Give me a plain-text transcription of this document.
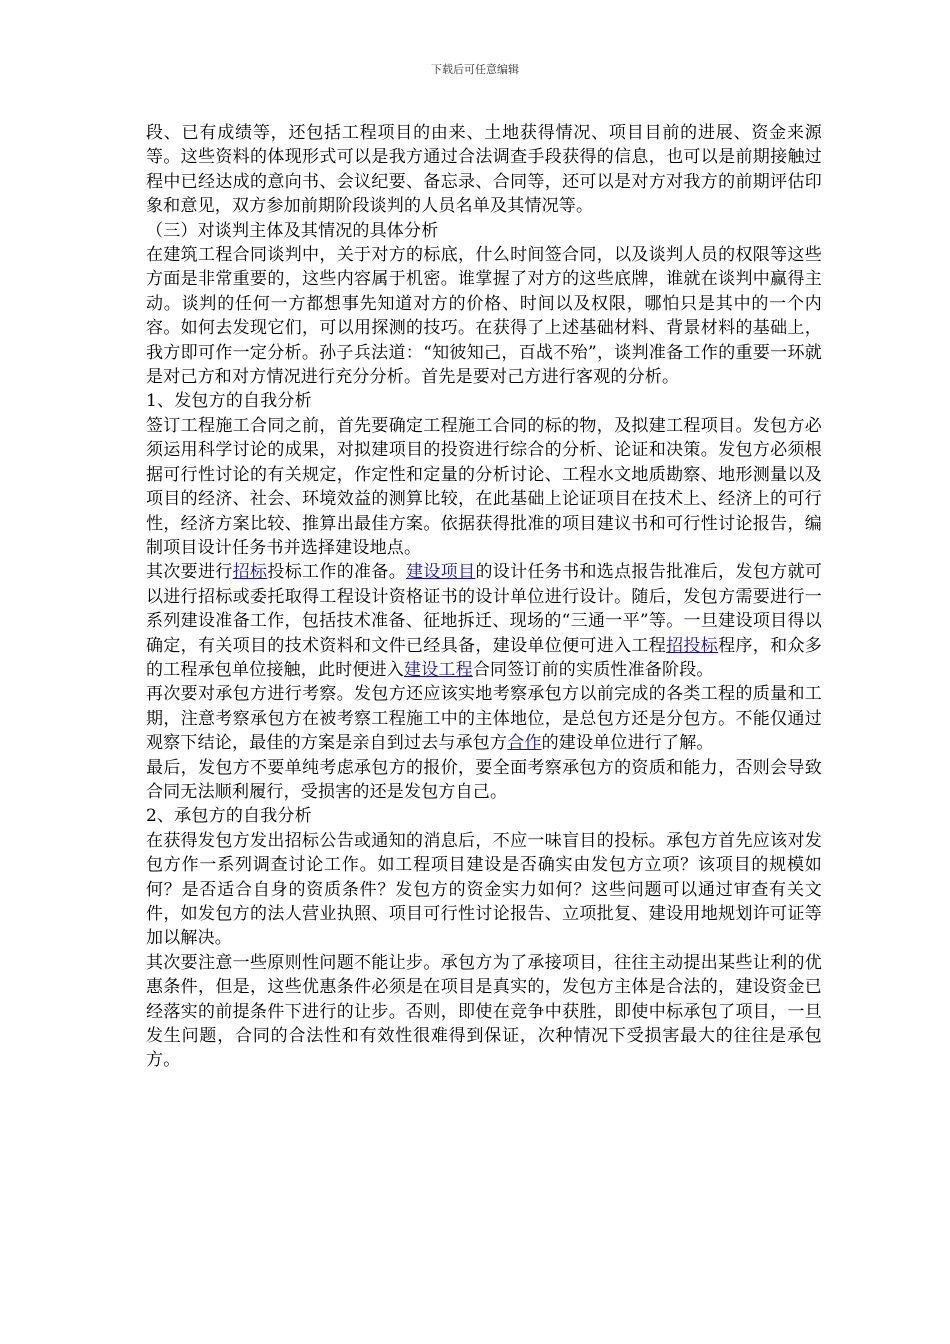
下载后可任意编辑

段、已有成绩等，还包括工程项目的由来、土地获得情况、项目目前的进展、资金来源等。这些资料的体现形式可以是我方通过合法调查手段获得的信息，也可以是前期接触过程中已经达成的意向书、会议纪要、备忘录、合同等，还可以是对方对我方的前期评估印象和意见，双方参加前期阶段谈判的人员名单及其情况等。

（三）对谈判主体及其情况的具体分析

在建筑工程合同谈判中，关于对方的标底，什么时间签合同，以及谈判人员的权限等这些方面是非常重要的，这些内容属于机密。谁掌握了对方的这些底牌，谁就在谈判中赢得主动。谈判的任何一方都想事先知道对方的价格、时间以及权限，哪怕只是其中的一个内容。如何去发现它们，可以用探测的技巧。在获得了上述基础材料、背景材料的基础上，我方即可作一定分析。孙子兵法道：“知彼知己，百战不殆”，谈判准备工作的重要一环就是对己方和对方情况进行充分分析。首先是要对己方进行客观的分析。

1、发包方的自我分析

签订工程施工合同之前，首先要确定工程施工合同的标的物，及拟建工程项目。发包方必须运用科学讨论的成果，对拟建项目的投资进行综合的分析、论证和决策。发包方必须根据可行性讨论的有关规定，作定性和定量的分析讨论、工程水文地质勘察、地形测量以及项目的经济、社会、环境效益的测算比较，在此基础上论证项目在技术上、经济上的可行性，经济方案比较、推算出最佳方案。依据获得批准的项目建议书和可行性讨论报告，编制项目设计任务书并选择建设地点。

其次要进行招标投标工作的准备。建设项目的设计任务书和选点报告批准后，发包方就可以进行招标或委托取得工程设计资格证书的设计单位进行设计。随后，发包方需要进行一系列建设准备工作，包括技术准备、征地拆迁、现场的“三通一平”等。一旦建设项目得以确定，有关项目的技术资料和文件已经具备，建设单位便可进入工程招投标程序，和众多的工程承包单位接触，此时便进入建设工程合同签订前的实质性准备阶段。

再次要对承包方进行考察。发包方还应该实地考察承包方以前完成的各类工程的质量和工期，注意考察承包方在被考察工程施工中的主体地位，是总包方还是分包方。不能仅通过观察下结论，最佳的方案是亲自到过去与承包方合作的建设单位进行了解。

最后，发包方不要单纯考虑承包方的报价，要全面考察承包方的资质和能力，否则会导致合同无法顺利履行，受损害的还是发包方自己。

2、承包方的自我分析

在获得发包方发出招标公告或通知的消息后，不应一味盲目的投标。承包方首先应该对发包方作一系列调查讨论工作。如工程项目建设是否确实由发包方立项？该项目的规模如何？是否适合自身的资质条件？发包方的资金实力如何？这些问题可以通过审查有关文件，如发包方的法人营业执照、项目可行性讨论报告、立项批复、建设用地规划许可证等加以解决。

其次要注意一些原则性问题不能让步。承包方为了承接项目，往往主动提出某些让利的优惠条件，但是，这些优惠条件必须是在项目是真实的，发包方主体是合法的，建设资金已经落实的前提条件下进行的让步。否则，即使在竞争中获胜，即使中标承包了项目，一旦发生问题，合同的合法性和有效性很难得到保证，次种情况下受损害最大的往往是承包方。
